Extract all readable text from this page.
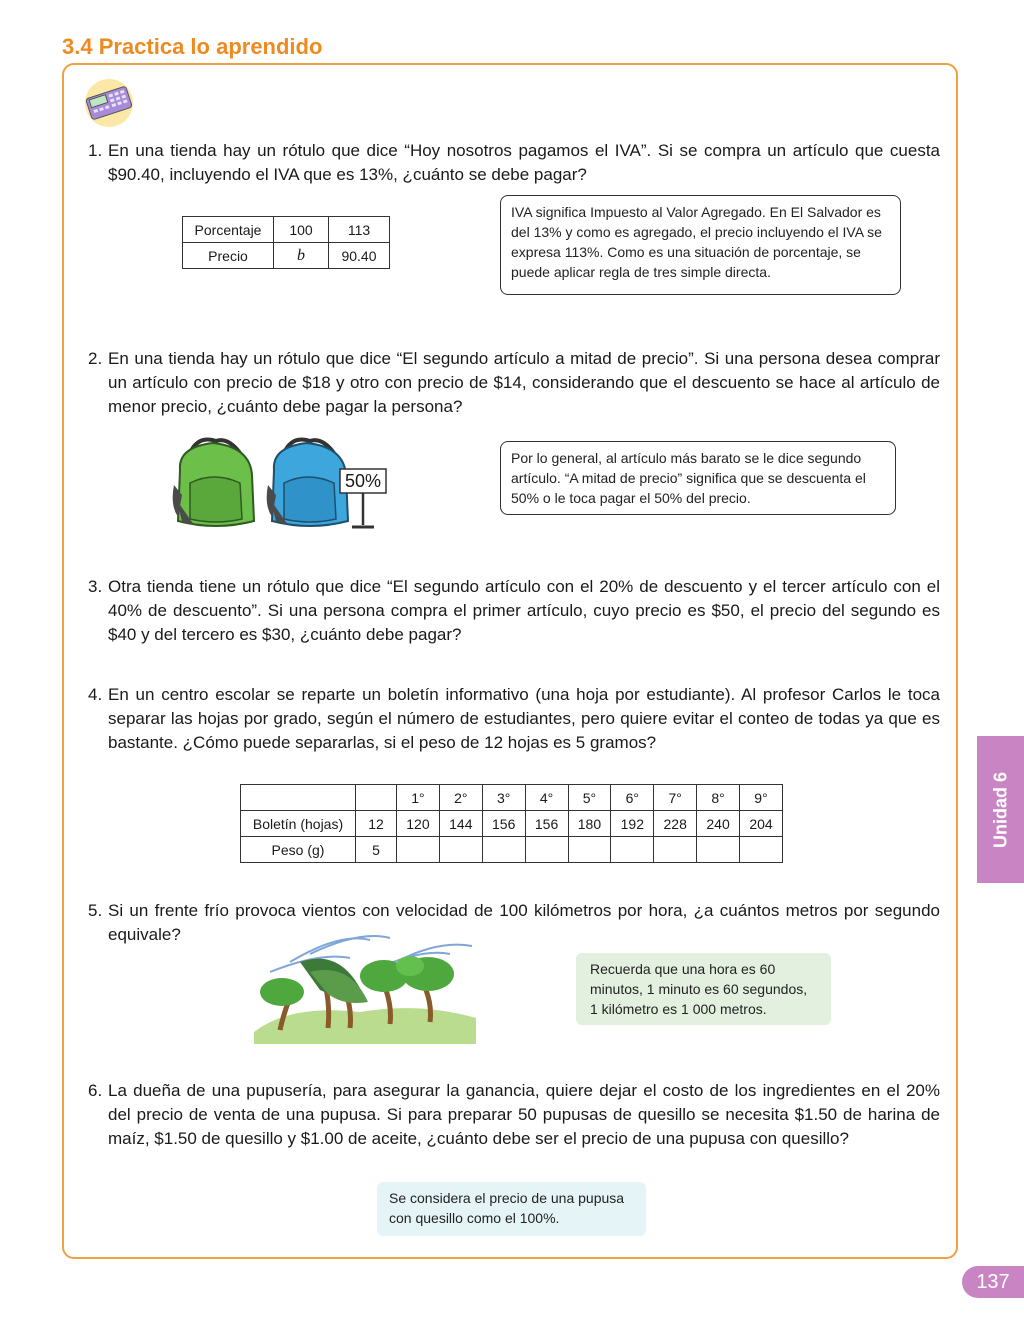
3.4 Practica lo aprendido
1. En una tienda hay un rótulo que dice “Hoy nosotros pagamos el IVA”. Si se compra un artículo que cuesta $90.40, incluyendo el IVA que es 13%, ¿cuánto se debe pagar?
Porcentaje	100	113
Precio	b	90.40
IVA significa Impuesto al Valor Agregado. En El Salvador es del 13% y como es agregado, el precio incluyendo el IVA se expresa 113%. Como es una situación de porcentaje, se puede aplicar regla de tres simple directa.
2. En una tienda hay un rótulo que dice “El segundo artículo a mitad de precio”. Si una persona desea comprar un artículo con precio de $18 y otro con precio de $14, considerando que el descuento se hace al artículo de menor precio, ¿cuánto debe pagar la persona?
50%
Por lo general, al artículo más barato se le dice segundo artículo. “A mitad de precio” significa que se descuenta el 50% o le toca pagar el 50% del precio.
3. Otra tienda tiene un rótulo que dice “El segundo artículo con el 20% de descuento y el tercer artículo con el 40% de descuento”. Si una persona compra el primer artículo, cuyo precio es $50, el precio del segundo es $40 y del tercero es $30, ¿cuánto debe pagar?
4. En un centro escolar se reparte un boletín informativo (una hoja por estudiante). Al profesor Carlos le toca separar las hojas por grado, según el número de estudiantes, pero quiere evitar el conteo de todas ya que es bastante. ¿Cómo puede separarlas, si el peso de 12 hojas es 5 gramos?
		1°	2°	3°	4°	5°	6°	7°	8°	9°
Boletín (hojas)	12	120	144	156	156	180	192	228	240	204
Peso (g)	5									
5. Si un frente frío provoca vientos con velocidad de 100 kilómetros por hora, ¿a cuántos metros por segundo equivale?
Recuerda que una hora es 60 minutos, 1 minuto es 60 segundos, 1 kilómetro es 1 000 metros.
6. La dueña de una pupusería, para asegurar la ganancia, quiere dejar el costo de los ingredientes en el 20% del precio de venta de una pupusa. Si para preparar 50 pupusas de quesillo se necesita $1.50 de harina de maíz, $1.50 de quesillo y $1.00 de aceite, ¿cuánto debe ser el precio de una pupusa con quesillo?
Se considera el precio de una pupusa con quesillo como el 100%.
Unidad 6
137
